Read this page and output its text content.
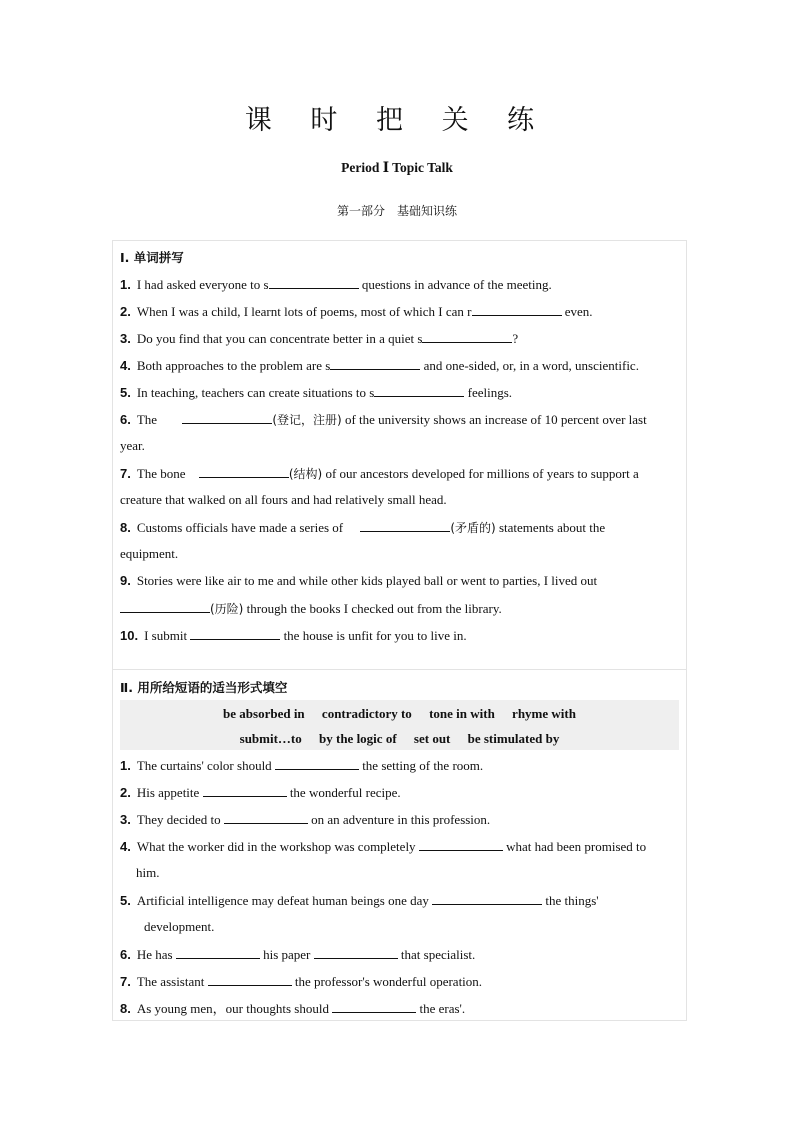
课 时 把 关 练
Period Ⅰ Topic Talk
第一部分　基础知识练
Ⅰ. 单词拼写
1. I had asked everyone to s	questions in advance of the meeting.
2. When I was a child, I learnt lots of poems, most of which I can r	even.
3. Do you find that you can concentrate better in a quiet s	?
4. Both approaches to the problem are s	and one-sided, or, in a word, unscientific.
5. In teaching, teachers can create situations to s	feelings.
6. The	(登记，注册) of the university shows an increase of 10 percent over last
year.
7. The bone	(结构) of our ancestors developed for millions of years to support a
creature that walked on all fours and had relatively small head.
8. Customs officials have made a series of	(矛盾的) statements about the
equipment.
9. Stories were like air to me and while other kids played ball or went to parties, I lived out
(历险) through the books I checked out from the library.
10. I submit	the house is unfit for you to live in.
Ⅱ. 用所给短语的适当形式填空
be absorbed in contradictory to tone in with rhyme with
submit…to by the logic of set out be stimulated by
1. The curtains' color should	the setting of the room.
2. His appetite	the wonderful recipe.
3. They decided to	on an adventure in this profession.
4. What the worker did in the workshop was completely	what had been promised to
him.
5. Artificial intelligence may defeat human beings one day	the things'
development.
6. He has	his paper	that specialist.
7. The assistant	the professor's wonderful operation.
8. As young men，our thoughts should	the eras'.
